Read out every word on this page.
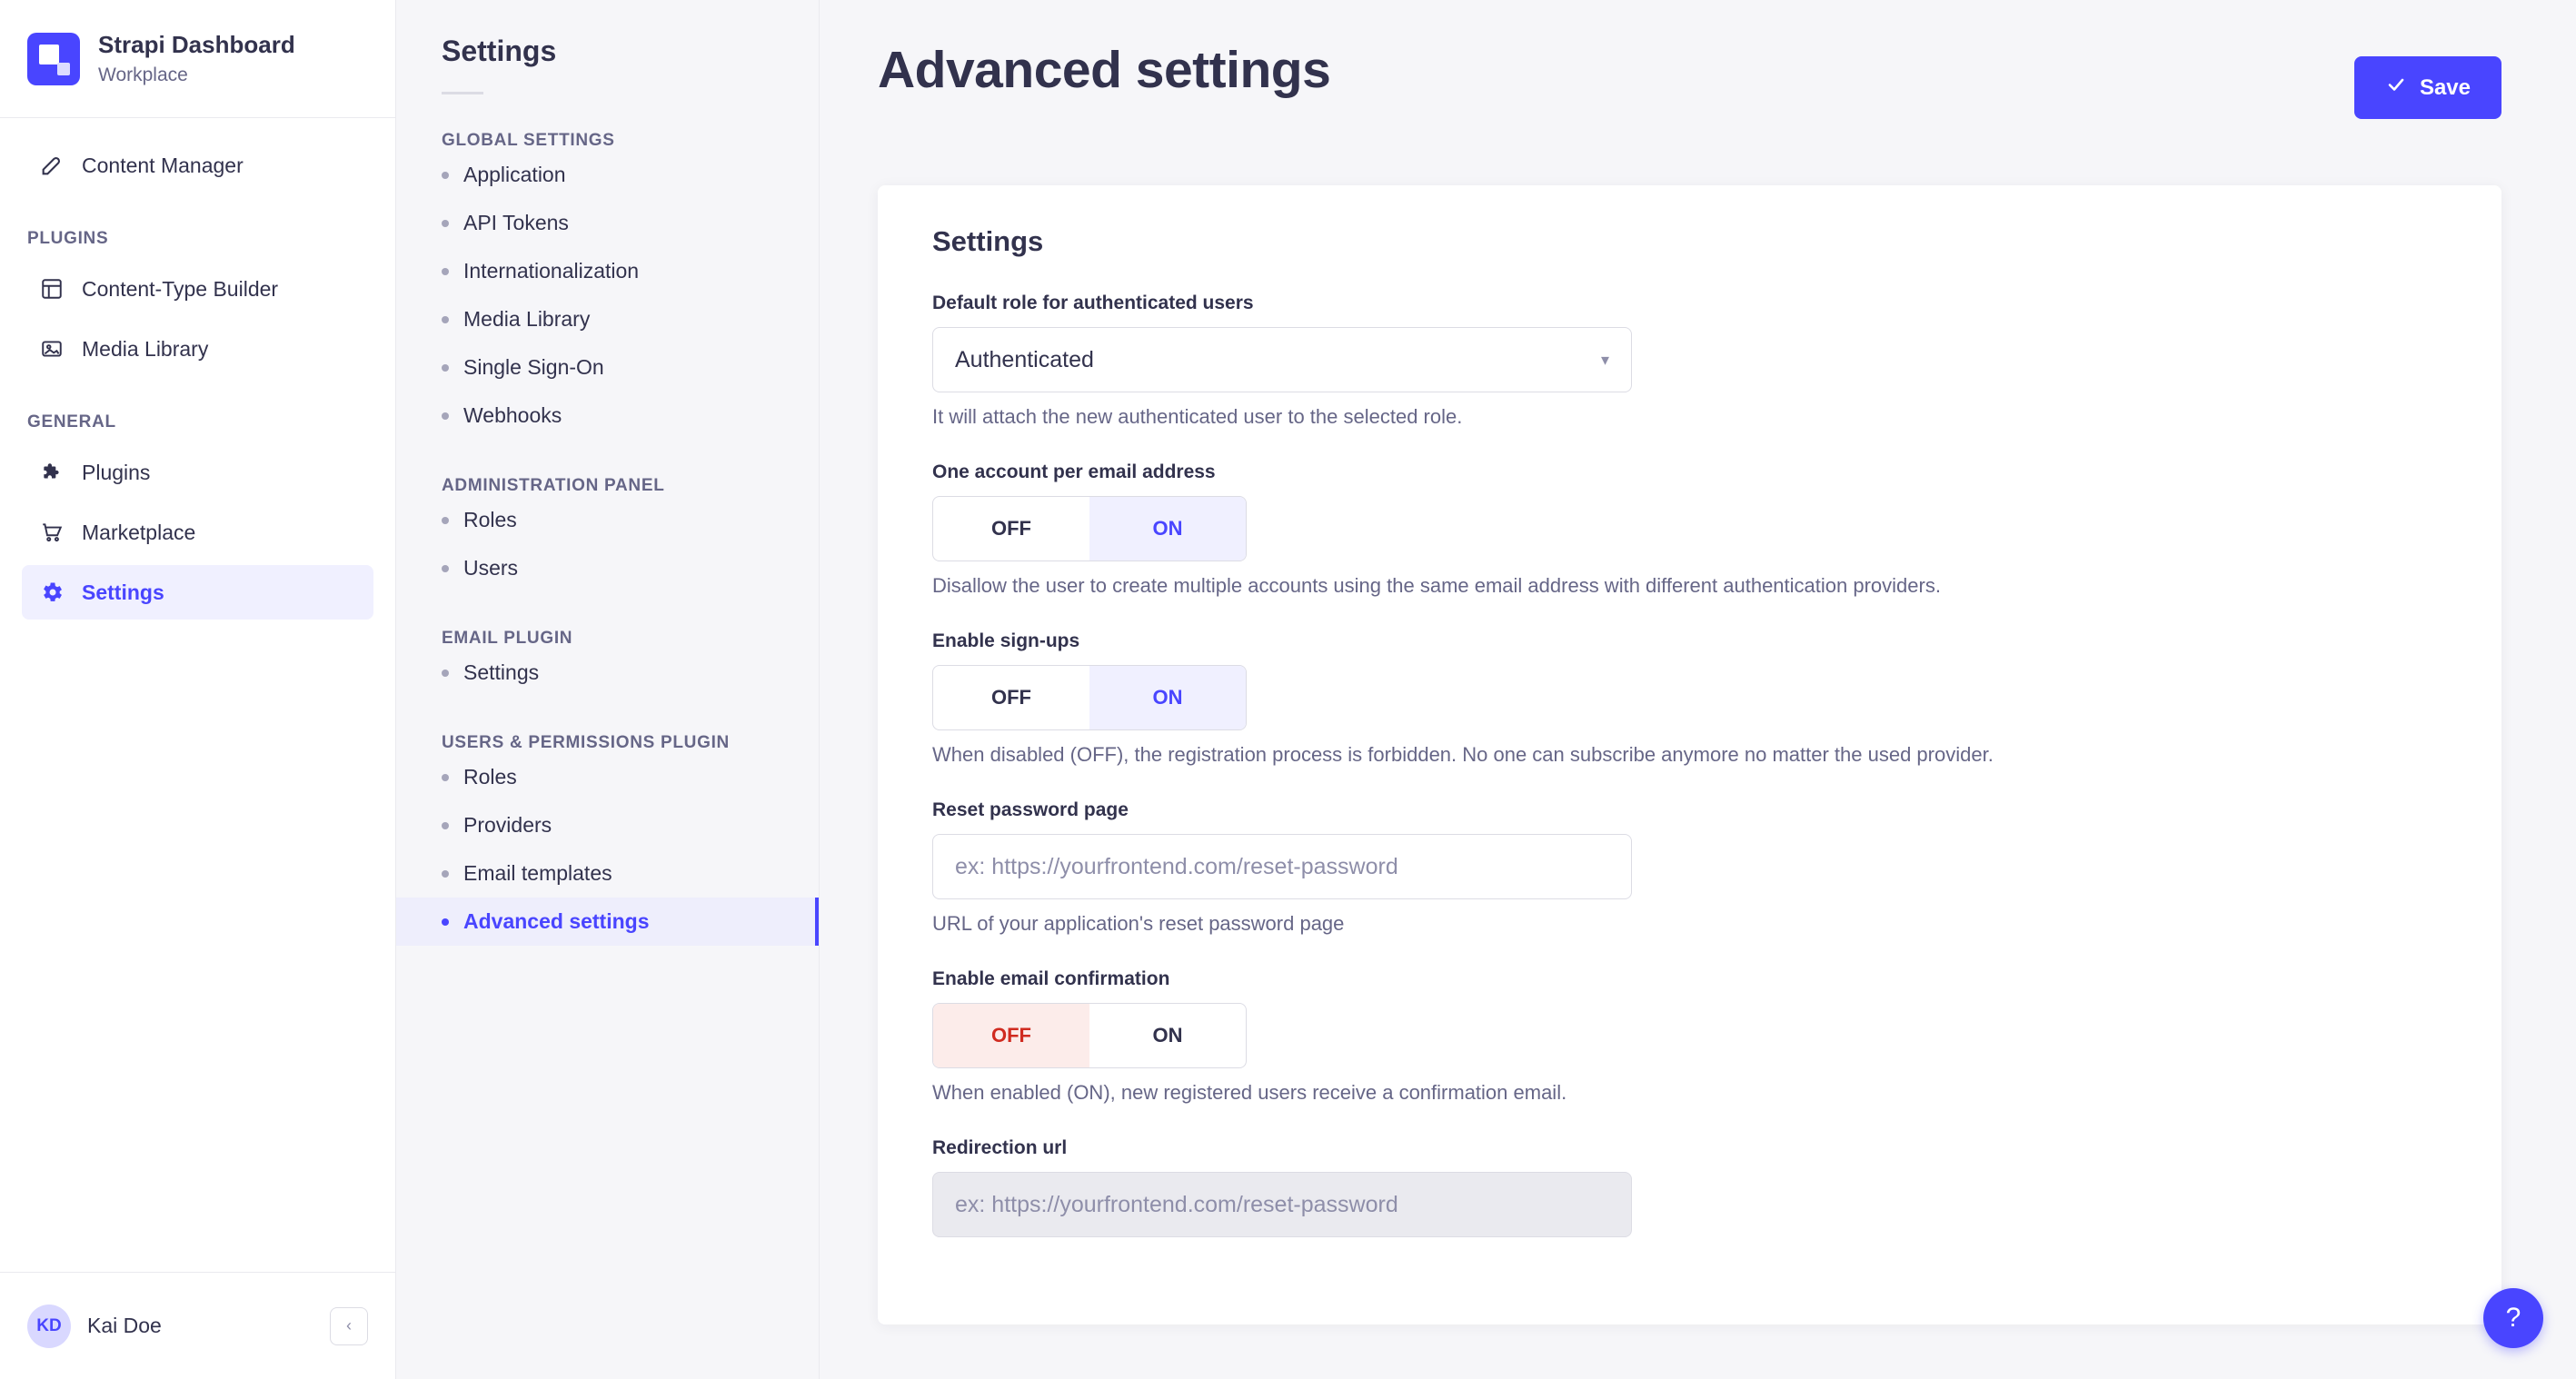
Strapi Dashboard
Workplace
Content Manager
PLUGINS
Content-Type Builder
Media Library
GENERAL
Plugins
Marketplace
Settings
KD	Kai Doe	‹
Settings
GLOBAL SETTINGS
Application
API Tokens
Internationalization
Media Library
Single Sign-On
Webhooks
ADMINISTRATION PANEL
Roles
Users
EMAIL PLUGIN
Settings
USERS & PERMISSIONS PLUGIN
Roles
Providers
Email templates
Advanced settings
Advanced settings	Save
Settings
Default role for authenticated users
Authenticated	▾
It will attach the new authenticated user to the selected role.
One account per email address
OFF	ON
Disallow the user to create multiple accounts using the same email address with different authentication providers.
Enable sign-ups
OFF	ON
When disabled (OFF), the registration process is forbidden. No one can subscribe anymore no matter the used provider.
Reset password page
ex: https://yourfrontend.com/reset-password
URL of your application's reset password page
Enable email confirmation
OFF	ON
When enabled (ON), new registered users receive a confirmation email.
Redirection url
ex: https://yourfrontend.com/reset-password
?
